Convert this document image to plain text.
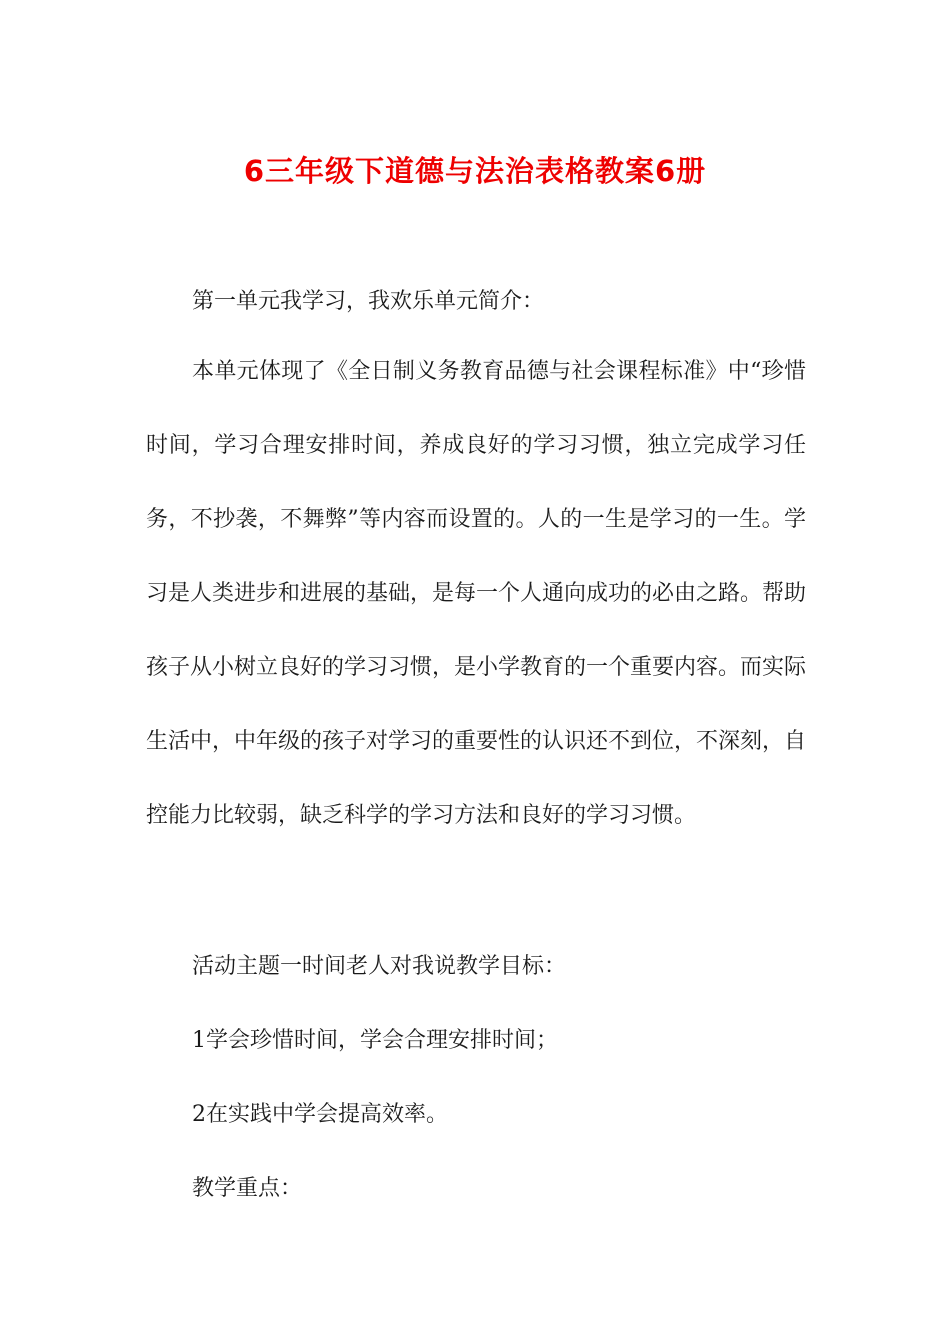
6三年级下道德与法治表格教案6册

第一单元我学习，我欢乐单元简介：

本单元体现了《全日制义务教育品德与社会课程标准》中“珍惜时间，学习合理安排时间，养成良好的学习习惯，独立完成学习任务，不抄袭，不舞弊”等内容而设置的。人的一生是学习的一生。学习是人类进步和进展的基础，是每一个人通向成功的必由之路。帮助孩子从小树立良好的学习习惯，是小学教育的一个重要内容。而实际生活中，中年级的孩子对学习的重要性的认识还不到位，不深刻，自控能力比较弱，缺乏科学的学习方法和良好的学习习惯。

活动主题一时间老人对我说教学目标：

1学会珍惜时间，学会合理安排时间；

2在实践中学会提高效率。

教学重点：
